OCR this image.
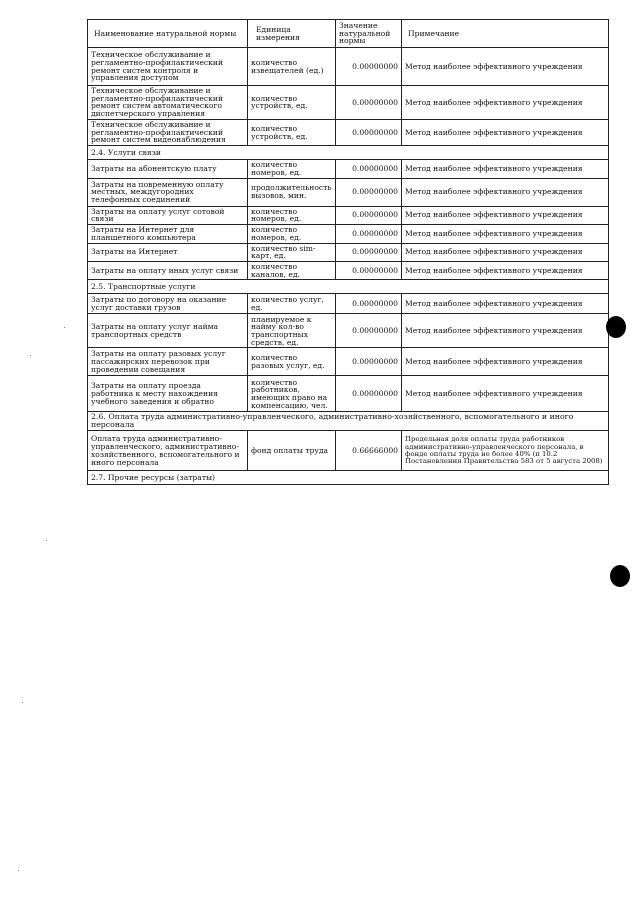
Наименование натуральной нормы	Единица измерения	Значение натуральной нормы	Примечание
Техническое обслуживание и регламентно-профилактический ремонт систем контроля и управления доступом	количество извещателей (ед.)	0.00000000	Метод наиболее эффективного учреждения
Техническое обслуживание и регламентно-профилактический ремонт систем автоматического диспетчерского управления	количество устройств, ед.	0.00000000	Метод наиболее эффективного учреждения
Техническое обслуживание и регламентно-профилактический ремонт систем видеонаблюдения	количество устройств, ед.	0.00000000	Метод наиболее эффективного учреждения
2.4. Услуги связи			
Затраты на абонентскую плату	количество номеров, ед.	0.00000000	Метод наиболее эффективного учреждения
Затраты на повременную оплату местных, междугородних телефонных соединений	продолжительность вызовов, мин.	0.00000000	Метод наиболее эффективного учреждения
Затраты на оплату услуг сотовой связи	количество номеров, ед.	0.00000000	Метод наиболее эффективного учреждения
Затраты на Интернет для планшетного компьютера	количество номеров, ед.	0.00000000	Метод наиболее эффективного учреждения
Затраты на Интернет	количество sim-карт, ед.	0.00000000	Метод наиболее эффективного учреждения
Затраты на оплату иных услуг связи	количество каналов, ед.	0.00000000	Метод наиболее эффективного учреждения
2.5. Транспортные услуги			
Затраты по договору на оказание услуг доставки грузов	количество услуг, ед.	0.00000000	Метод наиболее эффективного учреждения
Затраты на оплату услуг найма транспортных средств	планируемое к найму кол-во транспортных средств, ед.	0.00000000	Метод наиболее эффективного учреждения
Затраты на оплату разовых услуг пассажирских перевозок при проведении совещания	количество разовых услуг, ед.	0.00000000	Метод наиболее эффективного учреждения
Затраты на оплату проезда работника к месту нахождения учебного заведения и обратно	количество работников, имеющих право на компенсацию, чел.	0.00000000	Метод наиболее эффективного учреждения
2.6. Оплата труда административно-управленческого, административно-хозяйственного, вспомогательного и иного персонала			
Оплата труда административно-управленческого, административно-хозяйственного, вспомогательного и иного персонала	фонд оплаты труда	0.66666000	Предельная доля оплаты труда работников административно-управленческого персонала, в фонде оплаты труда не более 40% (п 10.2 Постановления Правительства 583 от 5 августа 2008)
2.7. Прочие ресурсы (затраты)			
